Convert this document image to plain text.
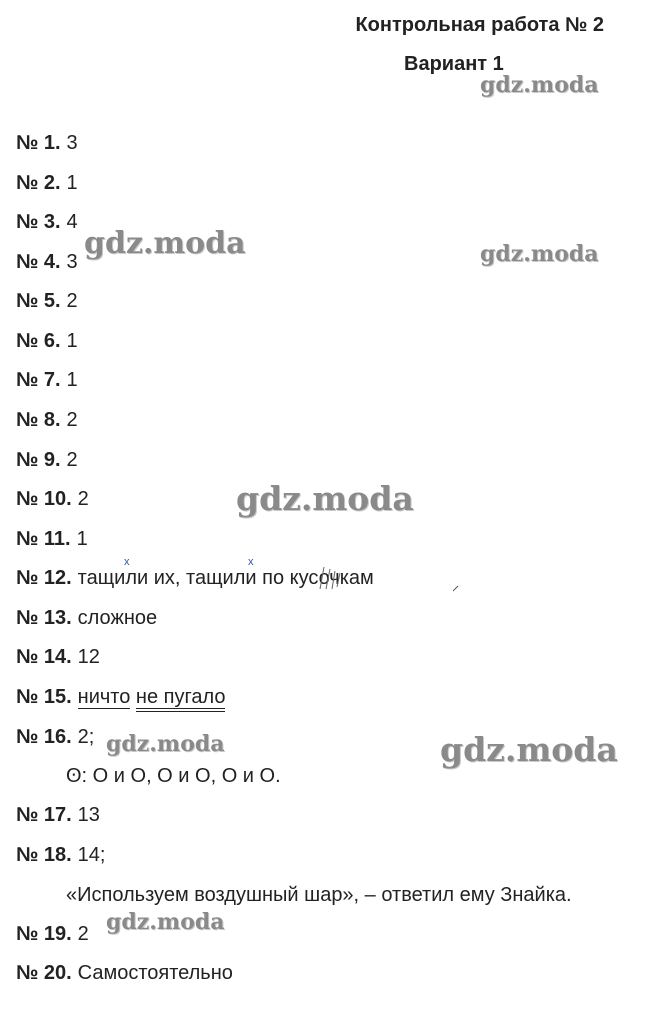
Контрольная работа № 2
Вариант 1
№ 1. 3
№ 2. 1
№ 3. 4
№ 4. 3
№ 5. 2
№ 6. 1
№ 7. 1
№ 8. 2
№ 9. 2
№ 10. 2
№ 11. 1
№ 12. тащили их, тащили по кусочкам
№ 13. сложное
№ 14. 12
№ 15. ничто не пугало
№ 16. 2;
ʘ: О и О, О и О, О и О.
№ 17. 13
№ 18. 14;
«Используем воздушный шар», – ответил ему Знайка.
№ 19. 2
№ 20. Самостоятельно
x	x
gdz.moda
gdz.moda	gdz.moda
gdz.moda
gdz.moda	gdz.moda
gdz.moda
